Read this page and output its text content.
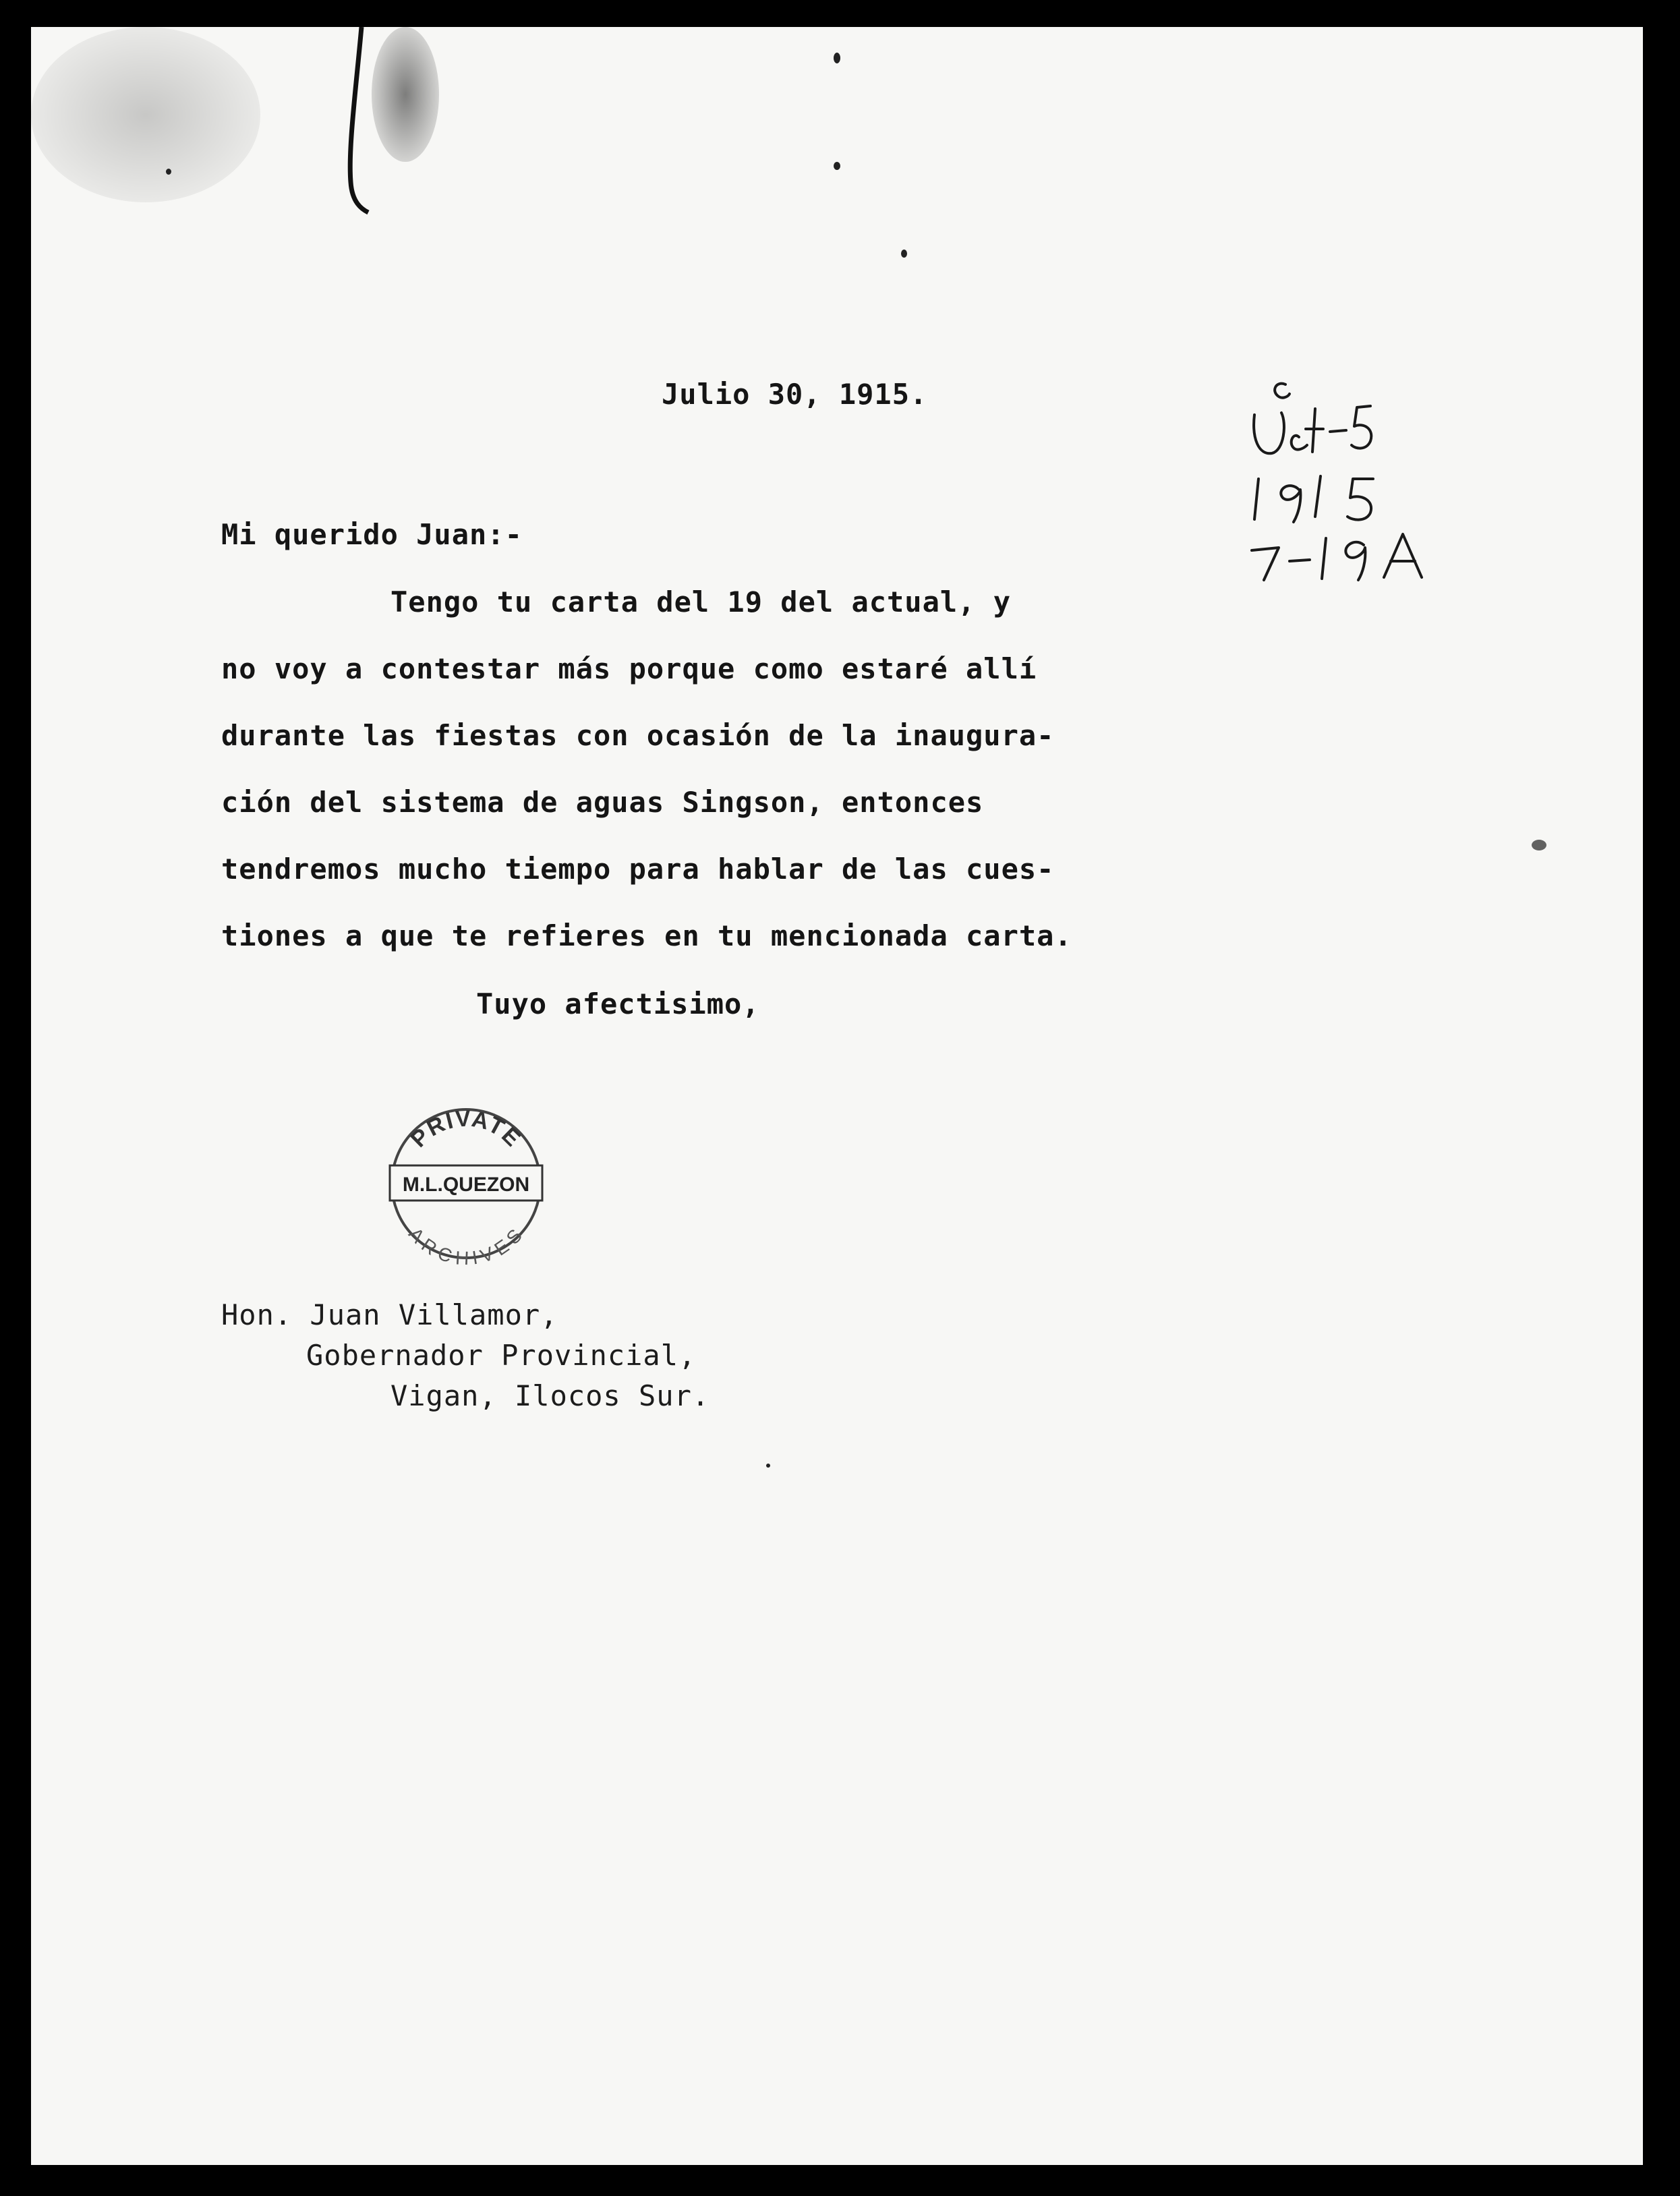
Julio 30, 1915.
Mi querido Juan:-
Tengo tu carta del 19 del actual, y
no voy a contestar más porque como estaré allí
durante las fiestas con ocasión de la inaugura-
ción del sistema de aguas Singson, entonces
tendremos mucho tiempo para hablar de las cues-
tiones a que te refieres en tu mencionada carta.
Tuyo afectisimo,
Hon. Juan Villamor,
Gobernador Provincial,
Vigan, Ilocos Sur.
PRIVATE
M.L.QUEZON
ARCHIVES
